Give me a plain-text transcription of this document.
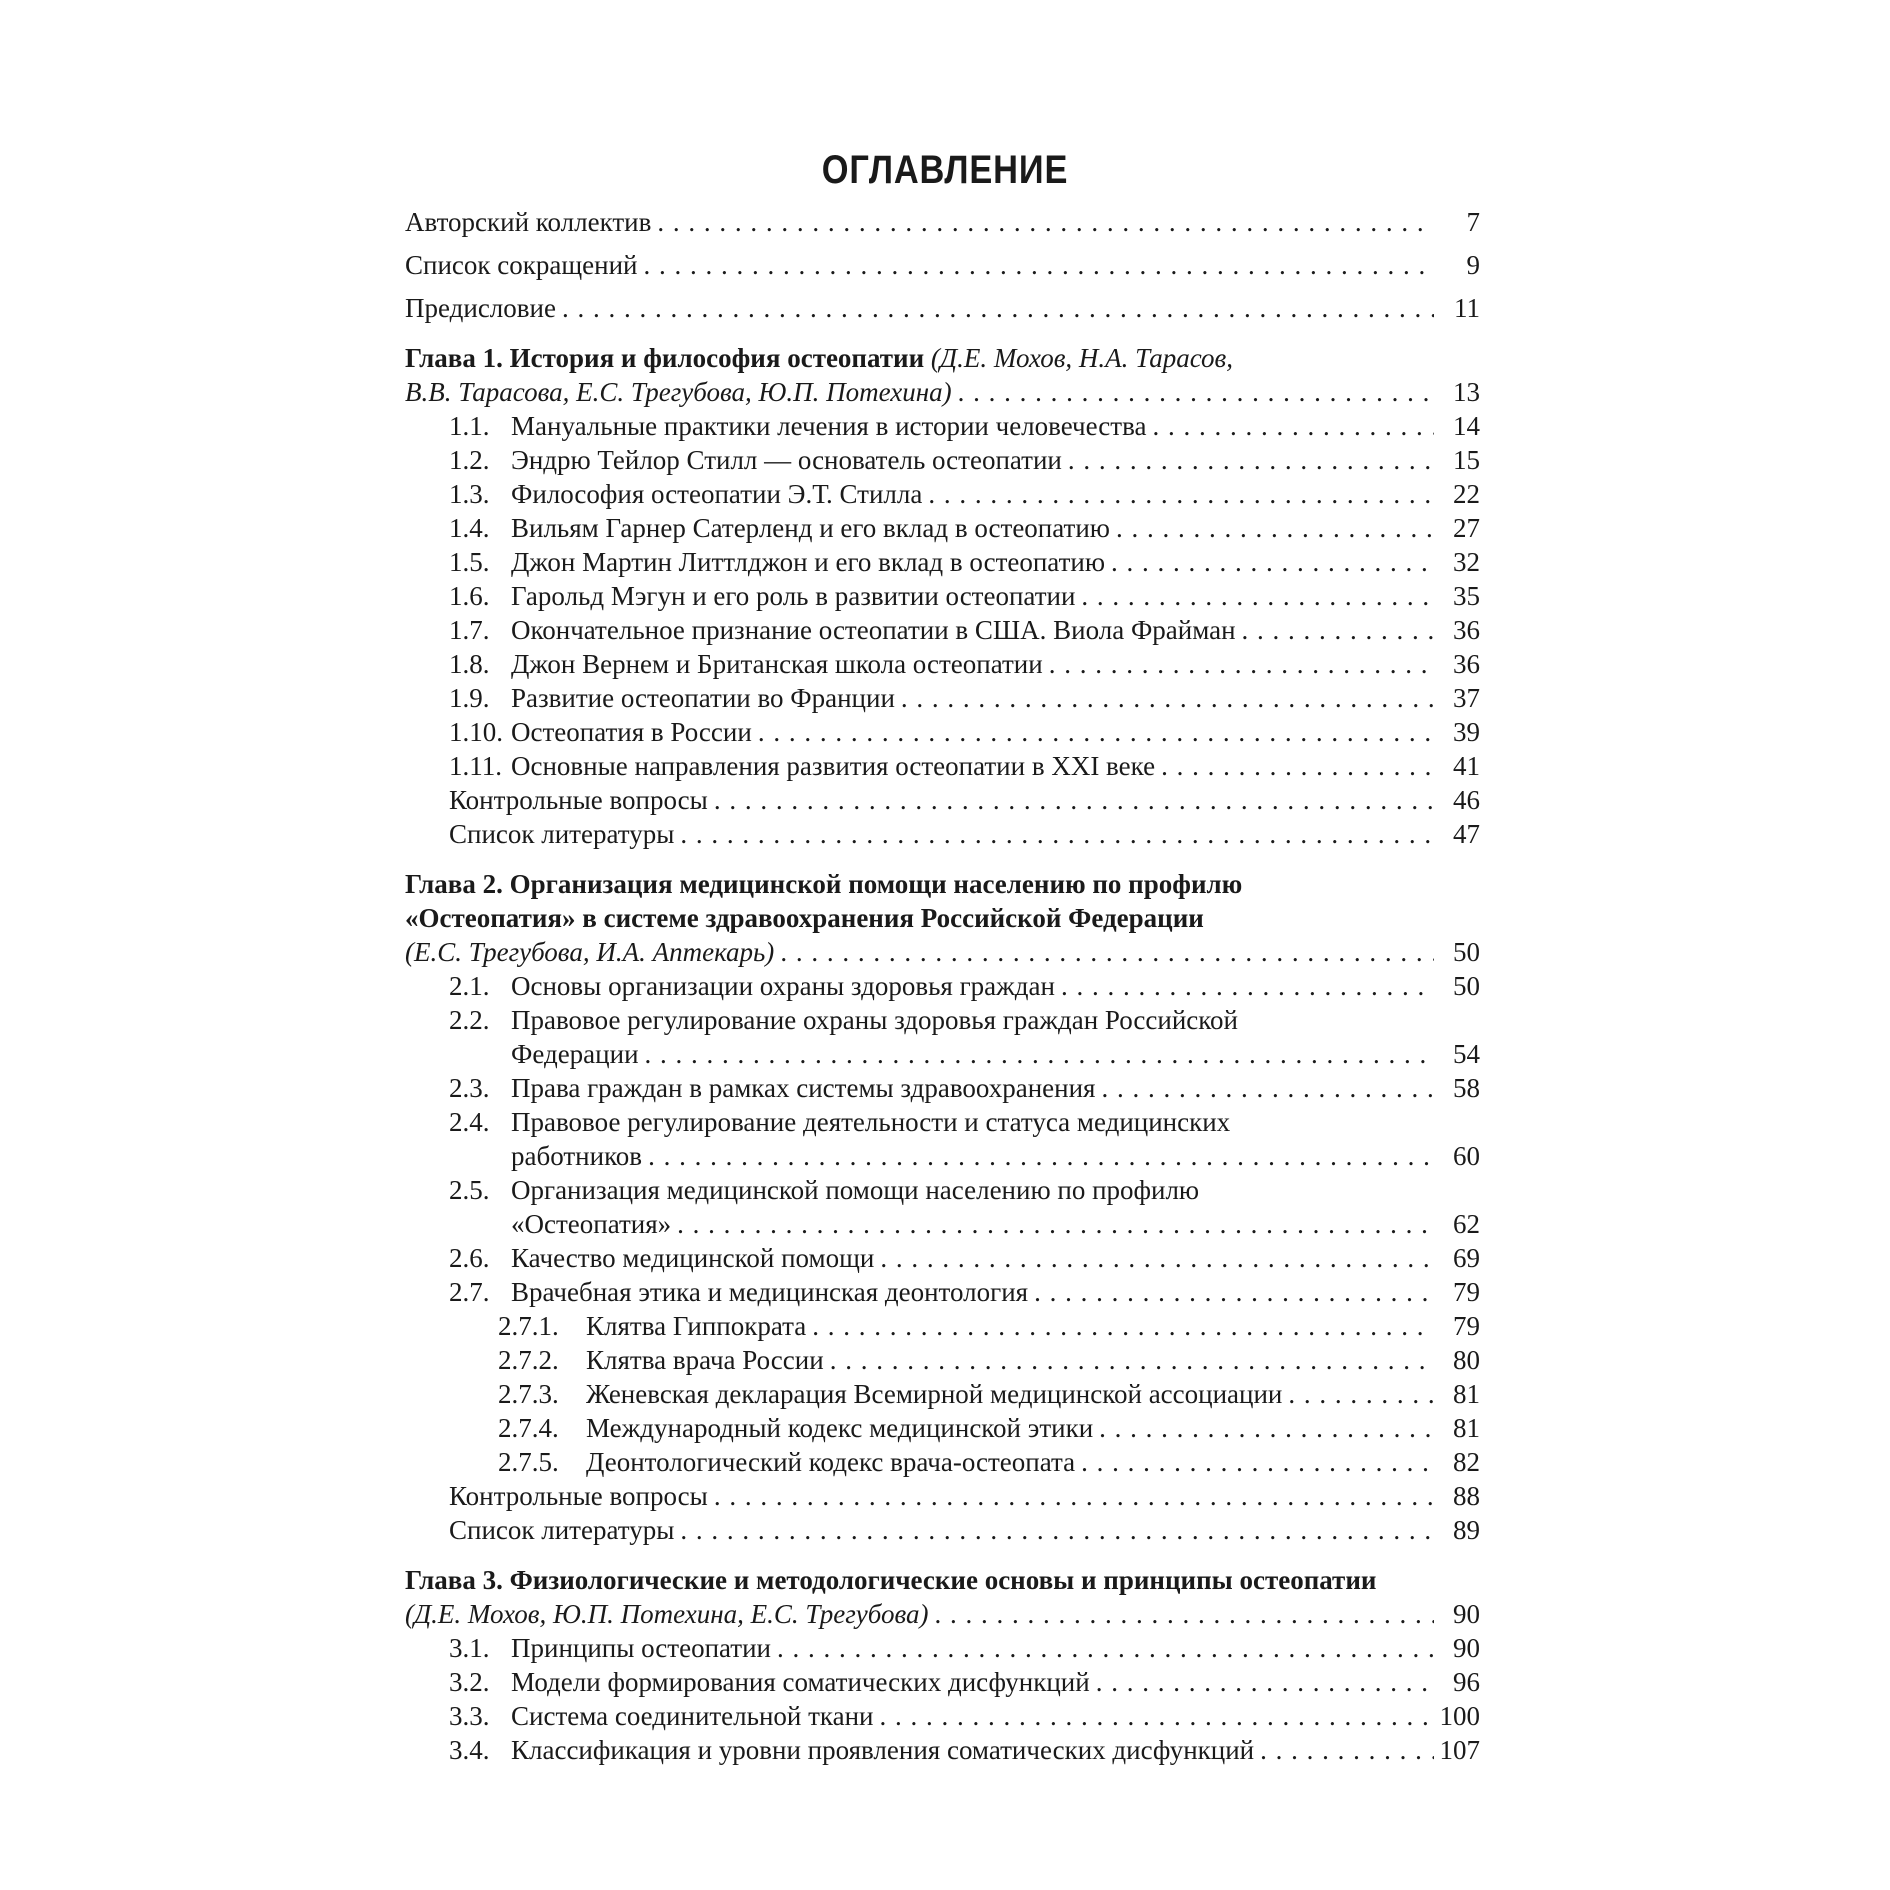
ОГЛАВЛЕНИЕ
Авторский коллектив . . .	7
Список сокращений . . .	9
Предисловие . . .	11
Глава 1. История и философия остеопатии
(Д.Е. Мохов, Н.А. Тарасов,
В.В. Тарасова, Е.С. Трегубова, Ю.П. Потехина) . . .	13
1.1. Мануальные практики лечения в истории человечества . . .	14
1.2. Эндрю Тейлор Стилл — основатель остеопатии . . .	15
1.3. Философия остеопатии Э.Т. Стилла . . .	22
1.4. Вильям Гарнер Сатерленд и его вклад в остеопатию . . .	27
1.5. Джон Мартин Литтлджон и его вклад в остеопатию . . .	32
1.6. Гарольд Мэгун и его роль в развитии остеопатии . . .	35
1.7. Окончательное признание остеопатии в США. Виола Фрайман . . .	36
1.8. Джон Вернем и Британская школа остеопатии . . .	36
1.9. Развитие остеопатии во Франции . . .	37
1.10. Остеопатия в России . . .	39
1.11. Основные направления развития остеопатии в XXI веке . . .	41
Контрольные вопросы . . .	46
Список литературы . . .	47
Глава 2. Организация медицинской помощи населению по профилю
«Остеопатия» в системе здравоохранения Российской Федерации
(Е.С. Трегубова, И.А. Аптекарь) . . .	50
2.1. Основы организации охраны здоровья граждан . . .	50
2.2. Правовое регулирование охраны здоровья граждан Российской
Федерации . . .	54
2.3. Права граждан в рамках системы здравоохранения . . .	58
2.4. Правовое регулирование деятельности и статуса медицинских
работников . . .	60
2.5. Организация медицинской помощи населению по профилю
«Остеопатия» . . .	62
2.6. Качество медицинской помощи . . .	69
2.7. Врачебная этика и медицинская деонтология . . .	79
2.7.1.	Клятва Гиппократа . . .	79
2.7.2.	Клятва врача России . . .	80
2.7.3.	Женевская декларация Всемирной медицинской ассоциации . . .	81
2.7.4.	Международный кодекс медицинской этики . . .	81
2.7.5.	Деонтологический кодекс врача-остеопата . . .	82
Контрольные вопросы . . .	88
Список литературы . . .	89
Глава 3. Физиологические и методологические основы и принципы остеопатии
(Д.Е. Мохов, Ю.П. Потехина, Е.С. Трегубова) . . .	90
3.1. Принципы остеопатии . . .	90
3.2. Модели формирования соматических дисфункций . . .	96
3.3. Система соединительной ткани . . .	100
3.4. Классификация и уровни проявления соматических дисфункций . . .	107
